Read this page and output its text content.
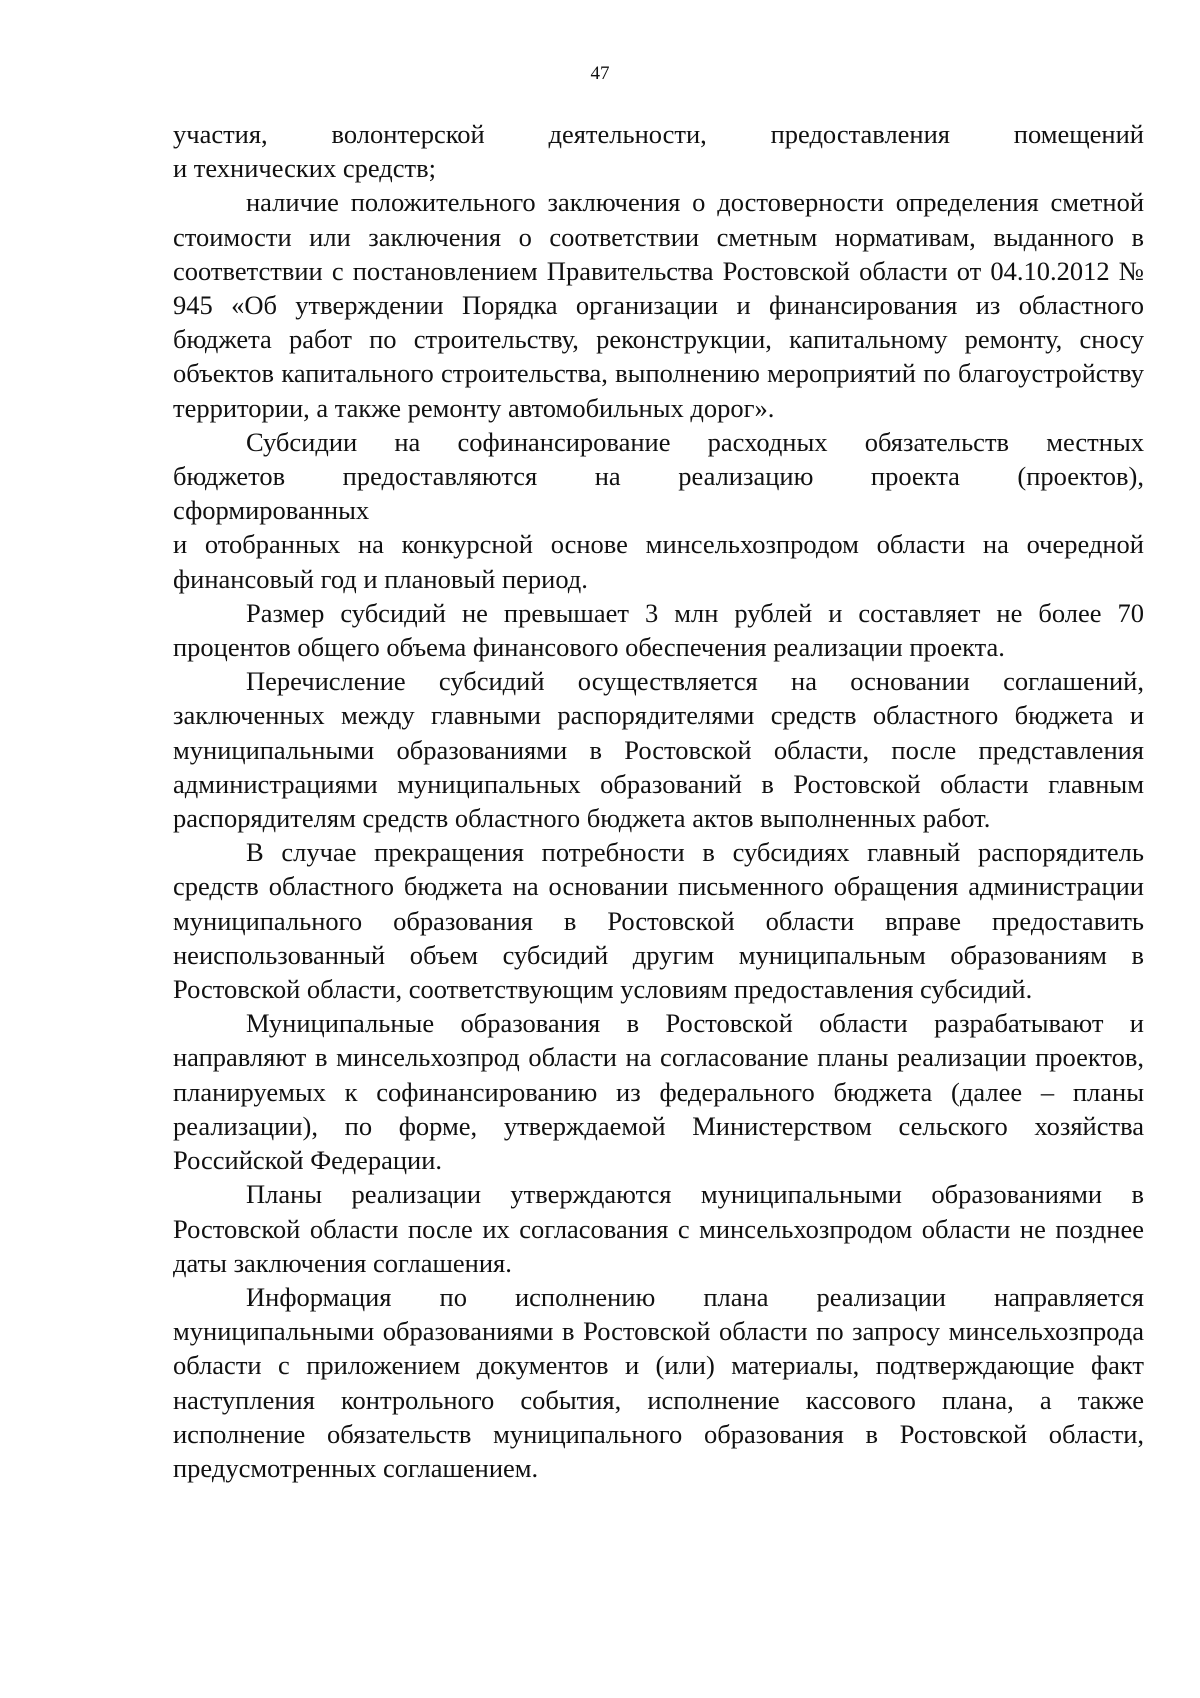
47
участия, волонтерской деятельности, предоставления помещений
и технических средств;

наличие положительного заключения о достоверности определения сметной стоимости или заключения о соответствии сметным нормативам, выданного в соответствии с постановлением Правительства Ростовской области от 04.10.2012 № 945 «Об утверждении Порядка организации и финансирования из областного бюджета работ по строительству, реконструкции, капитальному ремонту, сносу объектов капитального строительства, выполнению мероприятий по благоустройству территории, а также ремонту автомобильных дорог».

Субсидии на софинансирование расходных обязательств местных
бюджетов предоставляются на реализацию проекта (проектов),
сформированных
и отобранных на конкурсной основе минсельхозпродом области на очередной финансовый год и плановый период.

Размер субсидий не превышает 3 млн рублей и составляет не более 70 процентов общего объема финансового обеспечения реализации проекта.

Перечисление субсидий осуществляется на основании соглашений, заключенных между главными распорядителями средств областного бюджета и муниципальными образованиями в Ростовской области, после представления администрациями муниципальных образований в Ростовской области главным распорядителям средств областного бюджета актов выполненных работ.

В случае прекращения потребности в субсидиях главный распорядитель средств областного бюджета на основании письменного обращения администрации муниципального образования в Ростовской области вправе предоставить неиспользованный объем субсидий другим муниципальным образованиям в Ростовской области, соответствующим условиям предоставления субсидий.

Муниципальные образования в Ростовской области разрабатывают и направляют в минсельхозпрод области на согласование планы реализации проектов, планируемых к софинансированию из федерального бюджета (далее – планы реализации), по форме, утверждаемой Министерством сельского хозяйства Российской Федерации.

Планы реализации утверждаются муниципальными образованиями в Ростовской области после их согласования с минсельхозпродом области не позднее даты заключения соглашения.

Информация по исполнению плана реализации направляется муниципальными образованиями в Ростовской области по запросу минсельхозпрода области с приложением документов и (или) материалы, подтверждающие факт наступления контрольного события, исполнение кассового плана, а также исполнение обязательств муниципального образования в Ростовской области, предусмотренных соглашением.
